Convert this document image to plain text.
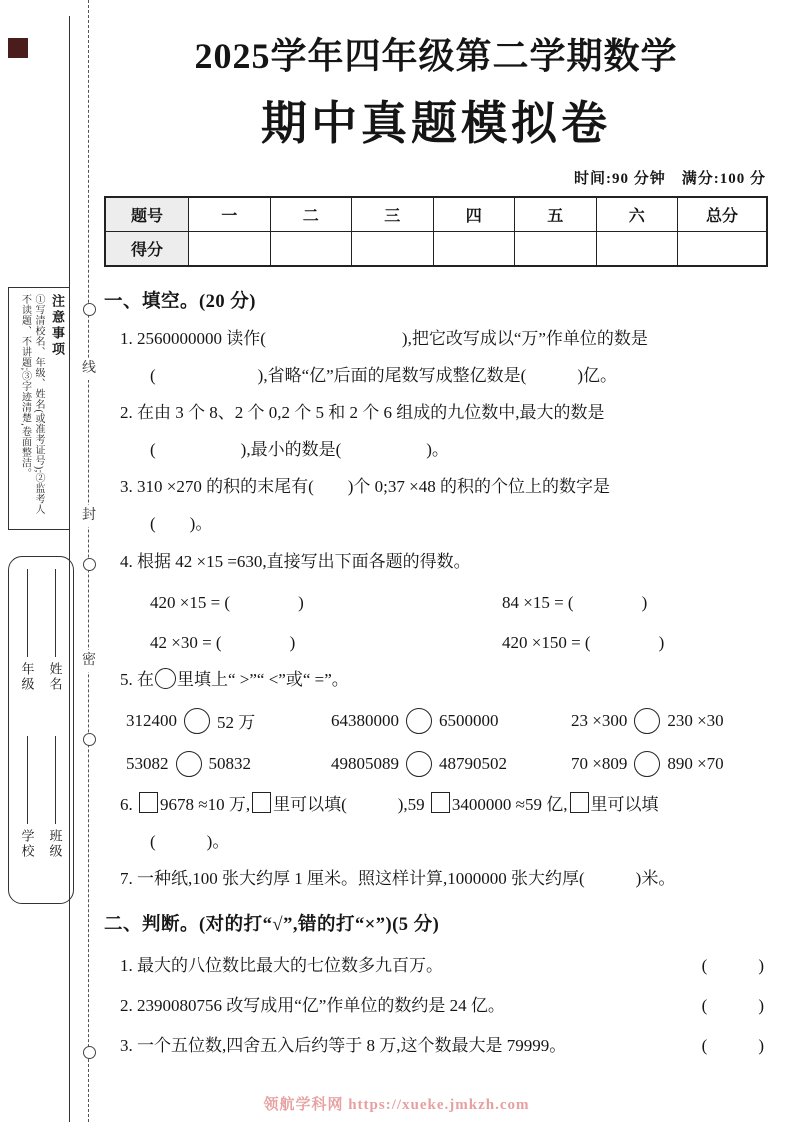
线
封
密
注意事项
①写清校名、年级、姓名(或准考证号);②监考人不读题、不讲题;③字迹清楚,卷面整洁。
年级 姓名
学校 班级
2025学年四年级第二学期数学
期中真题模拟卷
时间:90 分钟　满分:100 分
题号	一	二	三	四	五	六	总分
得分							
一、填空。(20 分)
1. 2560000000 读作(　　　　　　　　),把它改写成以“万”作单位的数是
(　　　　　　),省略“亿”后面的尾数写成整亿数是(　　　)亿。
2. 在由 3 个 8、2 个 0,2 个 5 和 2 个 6 组成的九位数中,最大的数是
(　　　　　),最小的数是(　　　　　)。
3. 310 ×270 的积的末尾有(　　)个 0;37 ×48 的积的个位上的数字是
(　　)。
4. 根据 42 ×15 =630,直接写出下面各题的得数。
420 ×15 = (　　　　)	84 ×15 = (　　　　)
42 ×30 = (　　　　)	420 ×150 = (　　　　)
5. 在 里填上“ >”“ <”或“ =”。
312400 52 万	64380000 6500000	23 ×300 230 ×30
53082 50832	49805089 48790502	70 ×809 890 ×70
6. 9678 ≈10 万, 里可以填(　　　),59 3400000 ≈59 亿, 里可以填
(　　　)。
7. 一种纸,100 张大约厚 1 厘米。照这样计算,1000000 张大约厚(　　　)米。
二、判断。(对的打“√”,错的打“×”)(5 分)
1. 最大的八位数比最大的七位数多九百万。	(　　　)
2. 2390080756 改写成用“亿”作单位的数约是 24 亿。	(　　　)
3. 一个五位数,四舍五入后约等于 8 万,这个数最大是 79999。	(　　　)
领航学科网 https://xueke.jmkzh.com
